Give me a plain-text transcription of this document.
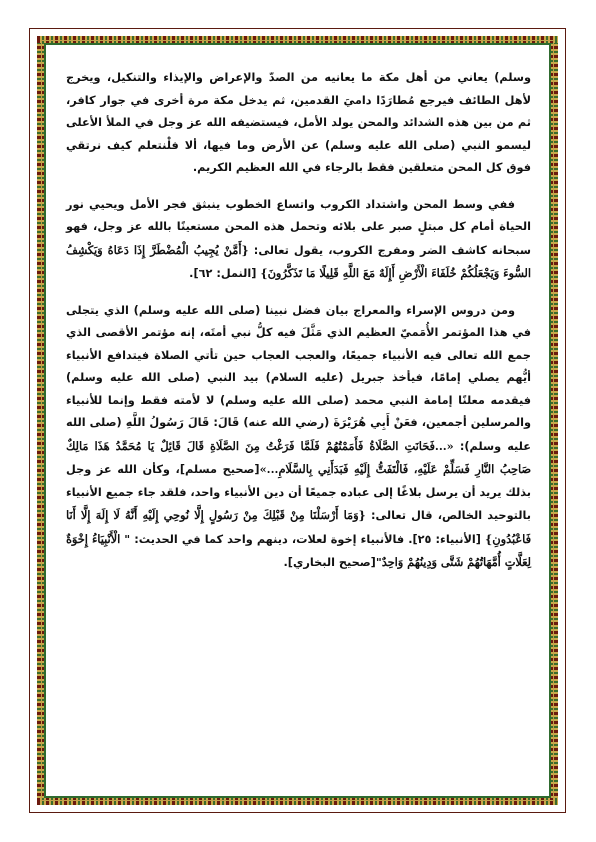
وسلم) يعاني من أهل مكة ما يعانيه من الصدّ والإعراض والإيذاء والتنكيل، ويخرج لأهل الطائف فيرجع مُطارَدًا داميَ القدمين، ثم يدخل مكة مرة أخرى في جوار كافر، ثم من بين هذه الشدائد والمحن يولد الأمل، فيستضيفه الله عز وجل في الملأ الأعلى ليسمو النبي (صلى الله عليه وسلم) عن الأرض وما فيها، ألا فلْنتعلم كيف نرتقي فوق كل المحن متعلقين فقط بالرجاء في الله العظيم الكريم.

ففي وسط المحن واشتداد الكروب واتساع الخطوب ينبثق فجر الأمل ويحيي نور الحياة أمام كل مبتلٍ صبر على بلائه وتحمل هذه المحن مستعينًا بالله عز وجل، فهو سبحانه كاشف الضر ومفرج الكروب، يقول تعالى: {أَمَّنْ يُجِيبُ الْمُضْطَرَّ إِذَا دَعَاهُ وَيَكْشِفُ السُّوءَ وَيَجْعَلُكُمْ خُلَفَاءَ الْأَرْضِ أَإِلَهٌ مَعَ اللَّهِ قَلِيلًا مَا تَذَكَّرُونَ} [النمل: ٦٢].

ومن دروس الإسراء والمعراج بيان فضل نبينا (صلى الله عليه وسلم) الذي يتجلى في هذا المؤتمر الأُمَميّ العظيم الذي مَثَّلَ فيه كلُّ نبي أمتَه، إنه مؤتمر الأقصى الذي جمع الله تعالى فيه الأنبياء جميعًا، والعجب العجاب حين تأتي الصلاة فيتدافع الأنبياء أيُّهم يصلي إمامًا، فيأخذ جبريل (عليه السلام) بيد النبي (صلى الله عليه وسلم) فيقدمه معلنًا إمامة النبي محمد (صلى الله عليه وسلم) لا لأمته فقط وإنما للأنبياء والمرسلين أجمعين، فعَنْ أَبِي هُرَيْرَةَ (رضي الله عنه) قَالَ: قَالَ رَسُولُ اللَّهِ (صلى الله عليه وسلم): «...فَحَانَتِ الصَّلَاةُ فَأَمَمْتُهُمْ فَلَمَّا فَرَغْتُ مِنَ الصَّلَاةِ قَالَ قَائِلٌ يَا مُحَمَّدُ هَذَا مَالِكٌ صَاحِبُ النَّارِ فَسَلِّمْ عَلَيْهِ، فَالْتَفَتُّ إِلَيْهِ فَبَدَأَنِي بِالسَّلَامِ...»[صحيح مسلم]، وكأن الله عز وجل بذلك يريد أن يرسل بلاغًا إلى عباده جميعًا أن دين الأنبياء واحد، فلقد جاء جميع الأنبياء بالتوحيد الخالص، قال تعالى: {وَمَا أَرْسَلْنَا مِنْ قَبْلِكَ مِنْ رَسُولٍ إِلَّا نُوحِي إِلَيْهِ أَنَّهُ لَا إِلَهَ إِلَّا أَنَا فَاعْبُدُونِ} [الأنبياء: ٢٥]. فالأنبياء إخوة لعلات، دينهم واحد كما في الحديث: " الْأَنْبِيَاءُ إِخْوَةٌ لِعَلَّاتٍ أُمَّهَاتُهُمْ شَتَّى وَدِينُهُمْ وَاحِدٌ"[صحيح البخاري].
